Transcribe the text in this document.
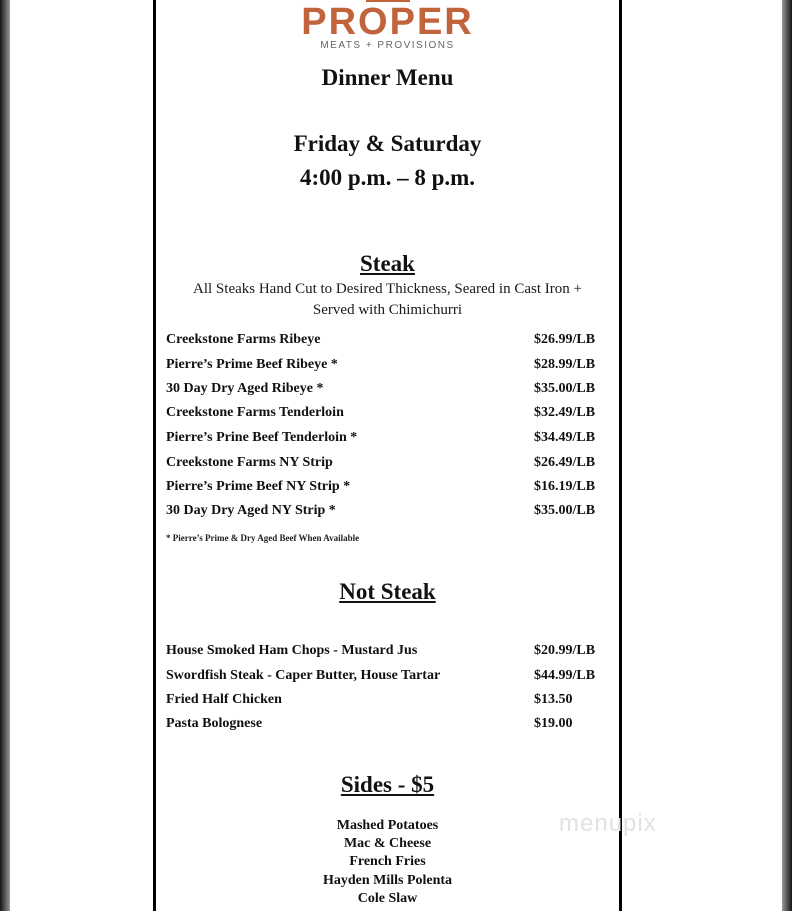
PROPER
MEATS + PROVISIONS
Dinner Menu
Friday & Saturday
4:00 p.m. – 8 p.m.
Steak
All Steaks Hand Cut to Desired Thickness, Seared in Cast Iron +
Served with Chimichurri
Creekstone Farms Ribeye	$26.99/LB
Pierre’s Prime Beef Ribeye *	$28.99/LB
30 Day Dry Aged Ribeye *	$35.00/LB
Creekstone Farms Tenderloin	$32.49/LB
Pierre’s Prine Beef Tenderloin *	$34.49/LB
Creekstone Farms NY Strip	$26.49/LB
Pierre’s Prime Beef NY Strip *	$16.19/LB
30 Day Dry Aged NY Strip *	$35.00/LB
* Pierre’s Prime & Dry Aged Beef When Available
Not Steak
House Smoked Ham Chops - Mustard Jus	$20.99/LB
Swordfish Steak - Caper Butter, House Tartar	$44.99/LB
Fried Half Chicken	$13.50
Pasta Bolognese	$19.00
Sides - $5
Mashed Potatoes
Mac & Cheese
French Fries
Hayden Mills Polenta
Cole Slaw
menupix
